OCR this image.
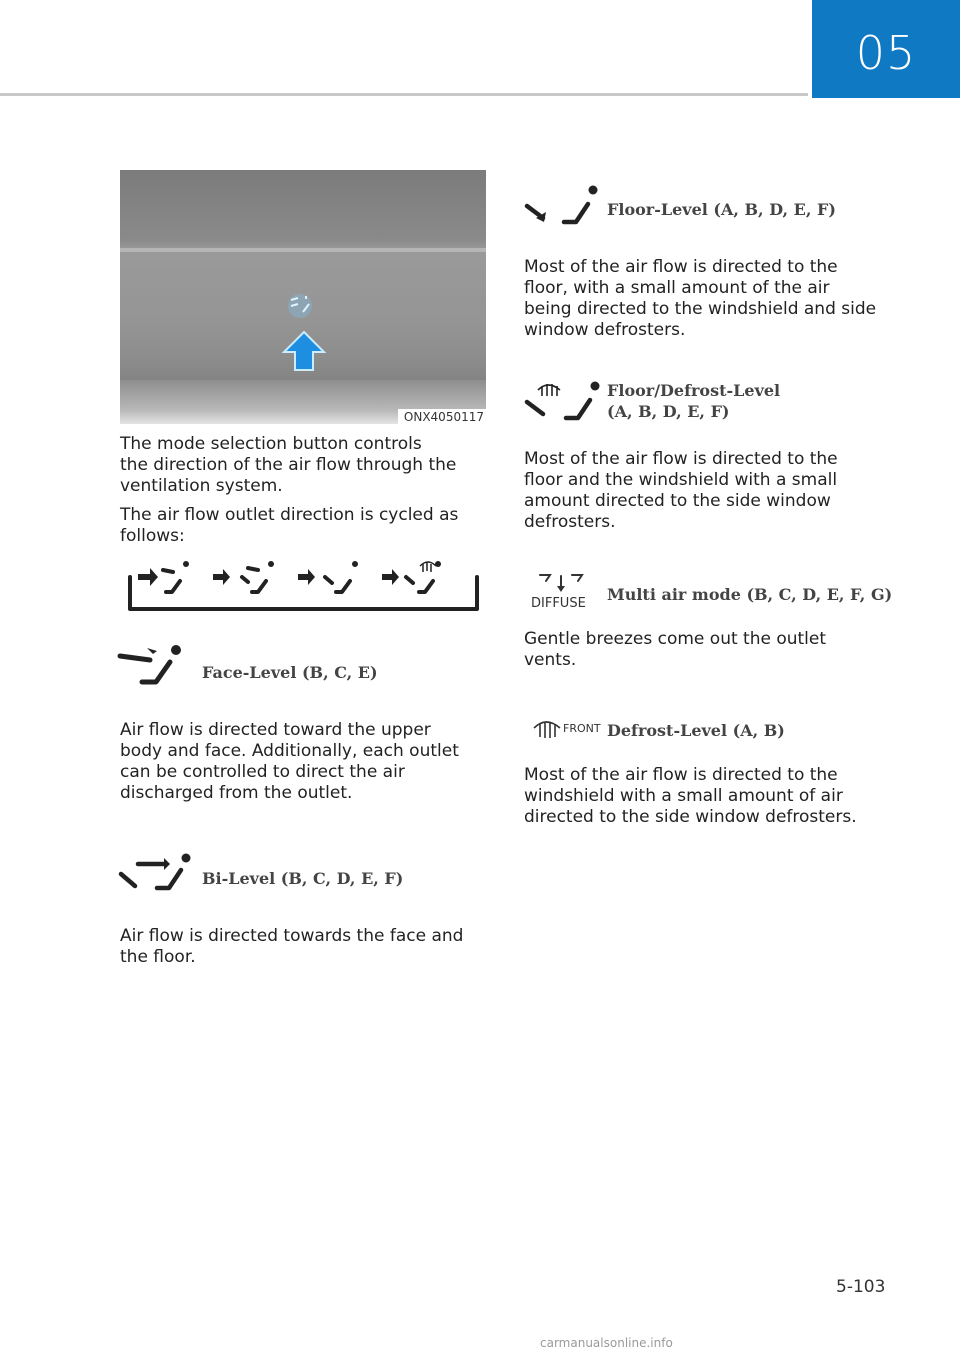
05
ONX4050117
The mode selection button controls
the direction of the air flow through the
ventilation system.
The air flow outlet direction is cycled as
follows:
Face-Level (B, C, E)
Air flow is directed toward the upper
body and face. Additionally, each outlet
can be controlled to direct the air
discharged from the outlet.
Bi-Level (B, C, D, E, F)
Air flow is directed towards the face and
the floor.
Floor-Level (A, B, D, E, F)
Most of the air flow is directed to the
floor, with a small amount of the air
being directed to the windshield and side
window defrosters.
Floor/Defrost-Level
(A, B, D, E, F)
Most of the air flow is directed to the
floor and the windshield with a small
amount directed to the side window
defrosters.
DIFFUSE Multi air mode (B, C, D, E, F, G)
Gentle breezes come out the outlet
vents.
FRONT Defrost-Level (A, B)
Most of the air flow is directed to the
windshield with a small amount of air
directed to the side window defrosters.
5-103
carmanualsonline.info
